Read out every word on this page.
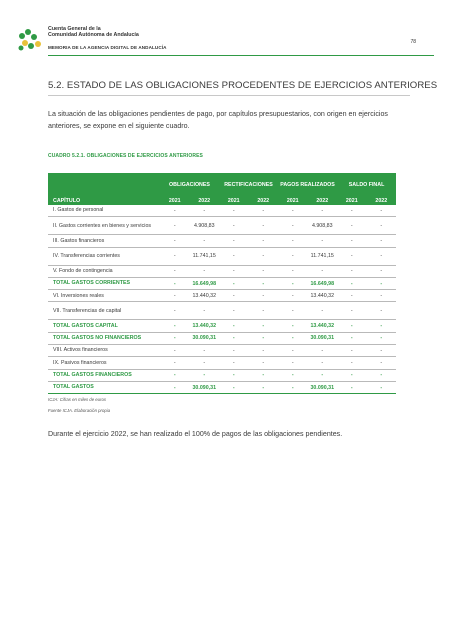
Cuenta General de la
Comunidad Autónoma de Andalucía
MEMORIA DE LA AGENCIA DIGITAL DE ANDALUCÍA
78
5.2. ESTADO DE LAS OBLIGACIONES PROCEDENTES DE EJERCICIOS ANTERIORES
La situación de las obligaciones pendientes de pago, por capítulos presupuestarios, con origen en ejercicios anteriores, se expone en el siguiente cuadro.
CUADRO 5.2.1. OBLIGACIONES DE EJERCICIOS ANTERIORES
	OBLIGACIONES		RECTIFICACIONES		PAGOS REALIZADOS		SALDO FINAL	
CAPÍTULO	2021	2022	2021	2022	2021	2022	2021	2022
I. Gastos de personal	-	-	-	-	-	-	-	-
II. Gastos corrientes en bienes y servicios	-	4.908,83	-	-	-	4.908,83	-	-
III. Gastos financieros	-	-	-	-	-	-	-	-
IV. Transferencias corrientes	-	11.741,15	-	-	-	11.741,15	-	-
V. Fondo de contingencia	-	-	-	-	-	-	-	-
TOTAL GASTOS CORRIENTES	-	16.649,98	-	-	-	16.649,98	-	-
VI. Inversiones reales	-	13.440,32	-	-	-	13.440,32	-	-
VII. Transferencias de capital	-	-	-	-	-	-	-	-
TOTAL GASTOS CAPITAL	-	13.440,32	-	-	-	13.440,32	-	-
TOTAL GASTOS NO FINANCIEROS	-	30.090,31	-	-	-	30.090,31	-	-
VIII. Activos financieros	-	-	-	-	-	-	-	-
IX. Pasivos financieros	-	-	-	-	-	-	-	-
TOTAL GASTOS FINANCIEROS	-	-	-	-	-	-	-	-
TOTAL GASTOS	-	30.090,31	-	-	-	30.090,31	-	-
ICJA: Cifras en miles de euros
Fuente ICJA. Elaboración propia
Durante el ejercicio 2022, se han realizado el 100% de pagos de las obligaciones pendientes.
